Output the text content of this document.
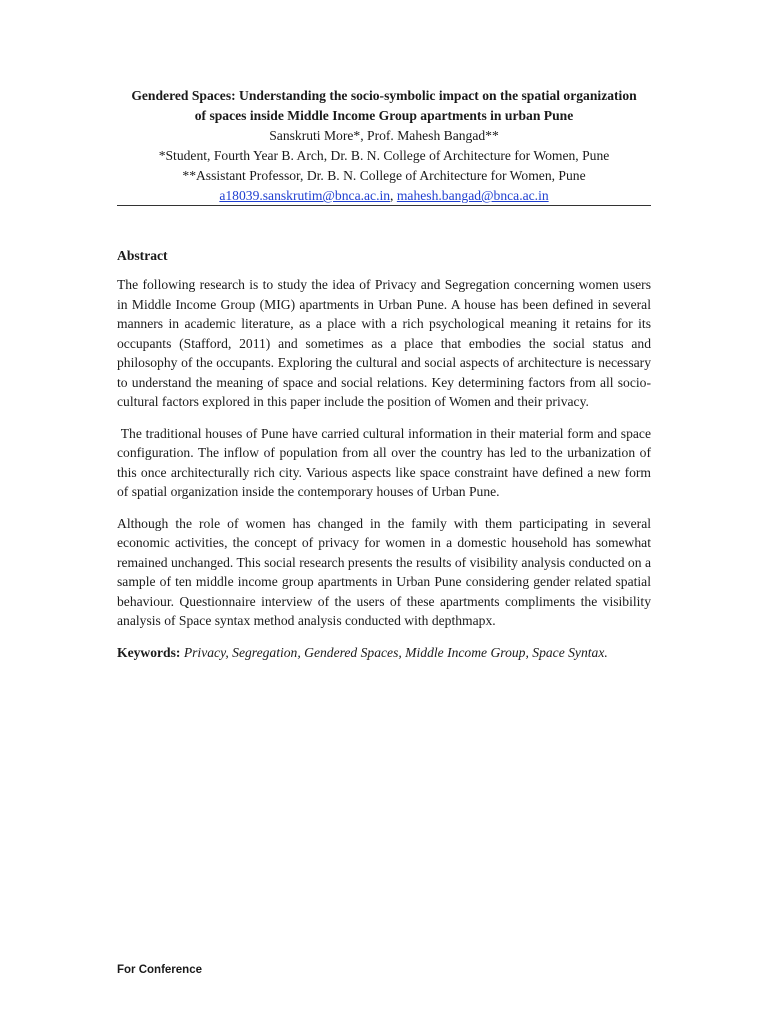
Gendered Spaces: Understanding the socio-symbolic impact on the spatial organization

of spaces inside Middle Income Group apartments in urban Pune

Sanskruti More*, Prof. Mahesh Bangad**

*Student, Fourth Year B. Arch, Dr. B. N. College of Architecture for Women, Pune

**Assistant Professor, Dr. B. N. College of Architecture for Women, Pune

a18039.sanskrutim@bnca.ac.in, mahesh.bangad@bnca.ac.in

Abstract

The following research is to study the idea of Privacy and Segregation concerning women users in Middle Income Group (MIG) apartments in Urban Pune. A house has been defined in several manners in academic literature, as a place with a rich psychological meaning it retains for its occupants (Stafford, 2011) and sometimes as a place that embodies the social status and philosophy of the occupants. Exploring the cultural and social aspects of architecture is necessary to understand the meaning of space and social relations. Key determining factors from all socio-cultural factors explored in this paper include the position of Women and their privacy.

The traditional houses of Pune have carried cultural information in their material form and space configuration. The inflow of population from all over the country has led to the urbanization of this once architecturally rich city. Various aspects like space constraint have defined a new form of spatial organization inside the contemporary houses of Urban Pune.

Although the role of women has changed in the family with them participating in several economic activities, the concept of privacy for women in a domestic household has somewhat remained unchanged. This social research presents the results of visibility analysis conducted on a sample of ten middle income group apartments in Urban Pune considering gender related spatial behaviour. Questionnaire interview of the users of these apartments compliments the visibility analysis of Space syntax method analysis conducted with depthmapx.

Keywords: Privacy, Segregation, Gendered Spaces, Middle Income Group, Space Syntax.

For Conference
